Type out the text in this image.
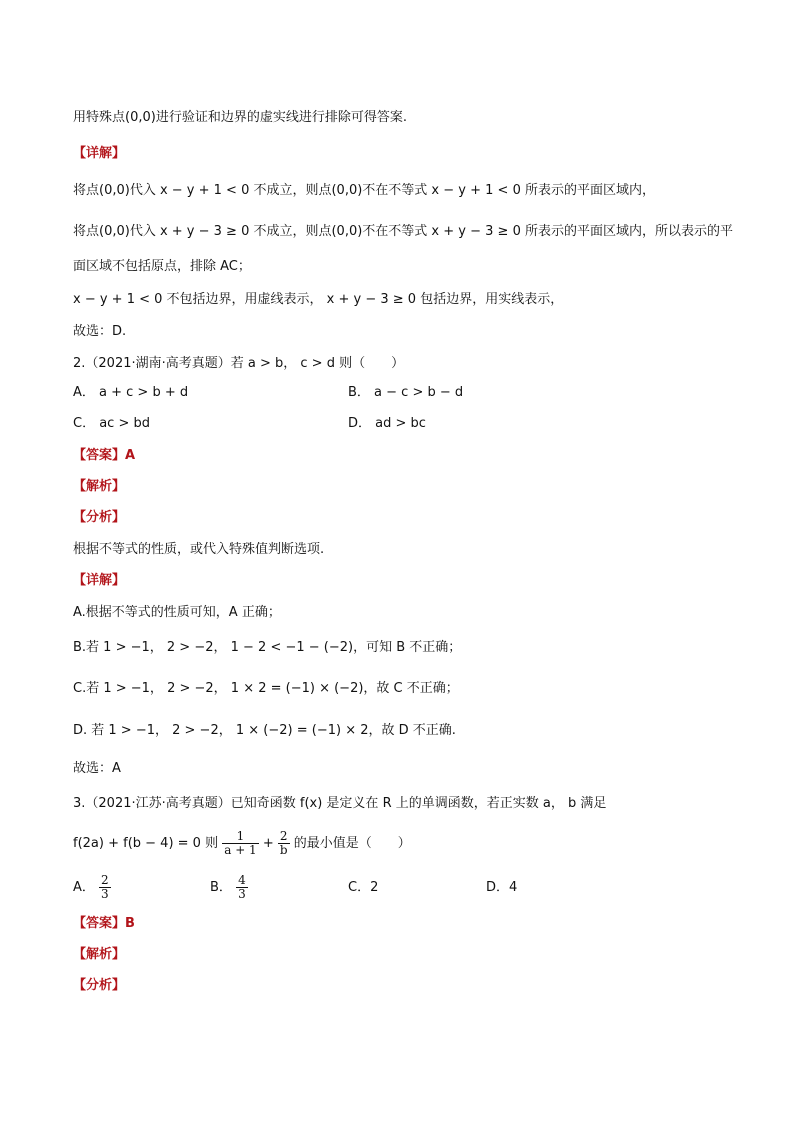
用特殊点(0,0)进行验证和边界的虚实线进行排除可得答案.
【详解】
将点(0,0)代入 x − y + 1 < 0 不成立，则点(0,0)不在不等式 x − y + 1 < 0 所表示的平面区域内，
将点(0,0)代入 x + y − 3 ≥ 0 不成立，则点(0,0)不在不等式 x + y − 3 ≥ 0 所表示的平面区域内，所以表示的平
面区域不包括原点，排除 AC；
x − y + 1 < 0 不包括边界，用虚线表示， x + y − 3 ≥ 0 包括边界，用实线表示，
故选：D.
2.（2021·湖南·高考真题）若 a > b， c > d 则（　　）
A． a + c > b + d	B． a − c > b − d
C． ac > bd	D． ad > bc
【答案】A
【解析】
【分析】
根据不等式的性质，或代入特殊值判断选项.
【详解】
A.根据不等式的性质可知，A 正确；
B.若 1 > −1， 2 > −2， 1 − 2 < −1 − (−2)，可知 B 不正确；
C.若 1 > −1， 2 > −2， 1 × 2 = (−1) × (−2)，故 C 不正确；
D. 若 1 > −1， 2 > −2， 1 × (−2) = (−1) × 2，故 D 不正确.
故选：A
3.（2021·江苏·高考真题）已知奇函数 f(x) 是定义在 R 上的单调函数，若正实数 a， b 满足
f(2a) + f(b − 4) = 0 则 $\frac{1}{a + 1} + \frac{2}{b}$ 的最小值是（　　）
A． $\frac{2}{3}$	B． $\frac{4}{3}$	C．2	D．4
【答案】B
【解析】
【分析】
